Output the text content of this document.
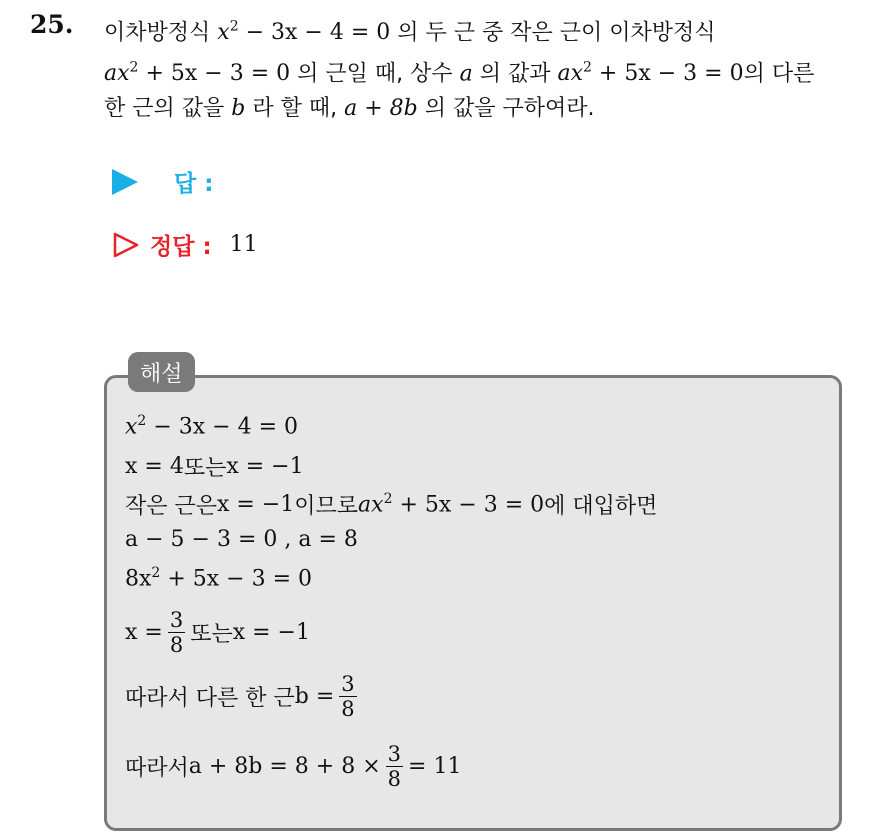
25. 이차방정식 $x^2 - 3x - 4 = 0$ 의 두 근 중 작은 근이 이차방정식
$ax^2 + 5x - 3 = 0$ 의 근일 때, 상수 a 의 값과 $ax^2 + 5x - 3 = 0$의 다른
한 근의 값을 b 라 할 때, a + 8b 의 값을 구하여라.
답 :
정답 : 11
해설
$x^2 - 3x - 4 = 0$
x = 4 또는 x = −1
작은 근은 x = −1 이므로 $ax^2 + 5x - 3 = 0$ 에 대입하면
a − 5 − 3 = 0 , a = 8
$8x^2 + 5x - 3 = 0$
$x = \frac{3}{8}$ 또는 x = −1
따라서 다른 한 근 $b = \frac{3}{8}$
따라서 $a + 8b = 8 + 8 \times \frac{3}{8} = 11$
